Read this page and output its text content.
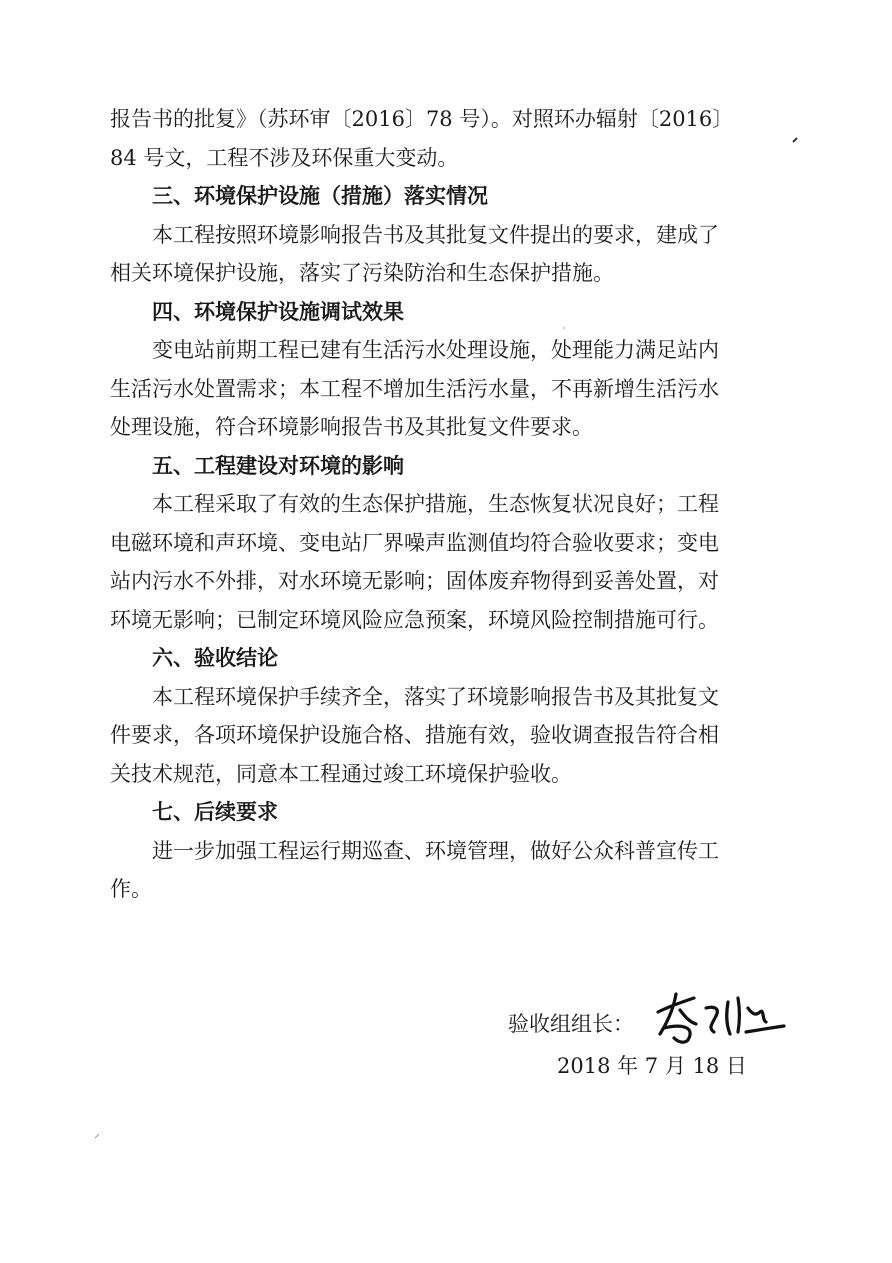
报告书的批复》（苏环审〔2016〕78 号）。对照环办辐射〔2016〕
84 号文，工程不涉及环保重大变动。
三、环境保护设施（措施）落实情况
本工程按照环境影响报告书及其批复文件提出的要求，建成了
相关环境保护设施，落实了污染防治和生态保护措施。
四、环境保护设施调试效果
变电站前期工程已建有生活污水处理设施，处理能力满足站内
生活污水处置需求；本工程不增加生活污水量，不再新增生活污水
处理设施，符合环境影响报告书及其批复文件要求。
五、工程建设对环境的影响
本工程采取了有效的生态保护措施，生态恢复状况良好；工程
电磁环境和声环境、变电站厂界噪声监测值均符合验收要求；变电
站内污水不外排，对水环境无影响；固体废弃物得到妥善处置，对
环境无影响；已制定环境风险应急预案，环境风险控制措施可行。
六、验收结论
本工程环境保护手续齐全，落实了环境影响报告书及其批复文
件要求，各项环境保护设施合格、措施有效，验收调查报告符合相
关技术规范，同意本工程通过竣工环境保护验收。
七、后续要求
进一步加强工程运行期巡查、环境管理，做好公众科普宣传工
作。
验收组组长：
2018 年 7 月 18 日
